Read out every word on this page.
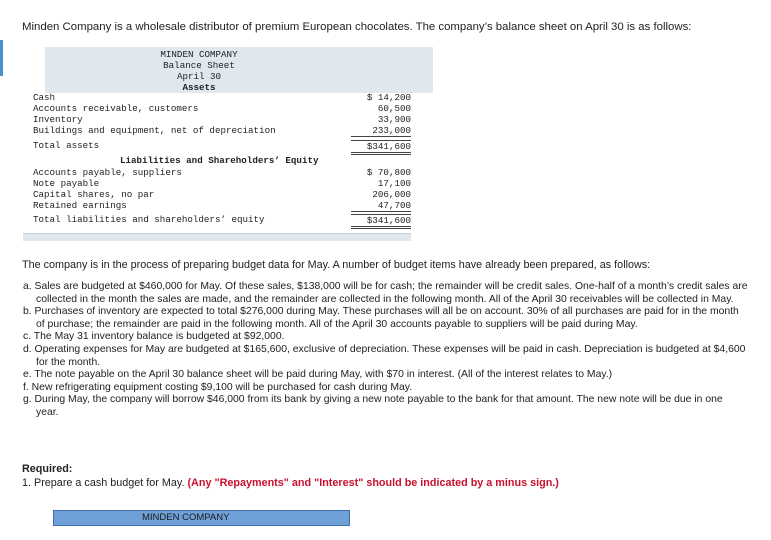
Minden Company is a wholesale distributor of premium European chocolates. The company’s balance sheet on April 30 is as follows:
MINDEN COMPANY
Balance Sheet
April 30
Assets
Cash	$ 14,200
Accounts receivable, customers	60,500
Inventory	33,900
Buildings and equipment, net of depreciation	233,000
Total assets	$341,600
Liabilities and Shareholders’ Equity
Accounts payable, suppliers	$ 70,800
Note payable	17,100
Capital shares, no par	206,000
Retained earnings	47,700
Total liabilities and shareholders’ equity	$341,600
The company is in the process of preparing budget data for May. A number of budget items have already been prepared, as follows:
a. Sales are budgeted at $460,000 for May. Of these sales, $138,000 will be for cash; the remainder will be credit sales. One-half of a month’s credit sales are collected in the month the sales are made, and the remainder are collected in the following month. All of the April 30 receivables will be collected in May.
b. Purchases of inventory are expected to total $276,000 during May. These purchases will all be on account. 30% of all purchases are paid for in the month of purchase; the remainder are paid in the following month. All of the April 30 accounts payable to suppliers will be paid during May.
c. The May 31 inventory balance is budgeted at $92,000.
d. Operating expenses for May are budgeted at $165,600, exclusive of depreciation. These expenses will be paid in cash. Depreciation is budgeted at $4,600 for the month.
e. The note payable on the April 30 balance sheet will be paid during May, with $70 in interest. (All of the interest relates to May.)
f. New refrigerating equipment costing $9,100 will be purchased for cash during May.
g. During May, the company will borrow $46,000 from its bank by giving a new note payable to the bank for that amount. The new note will be due in one year.
Required:
1. Prepare a cash budget for May. (Any "Repayments" and "Interest" should be indicated by a minus sign.)
MINDEN COMPANY
